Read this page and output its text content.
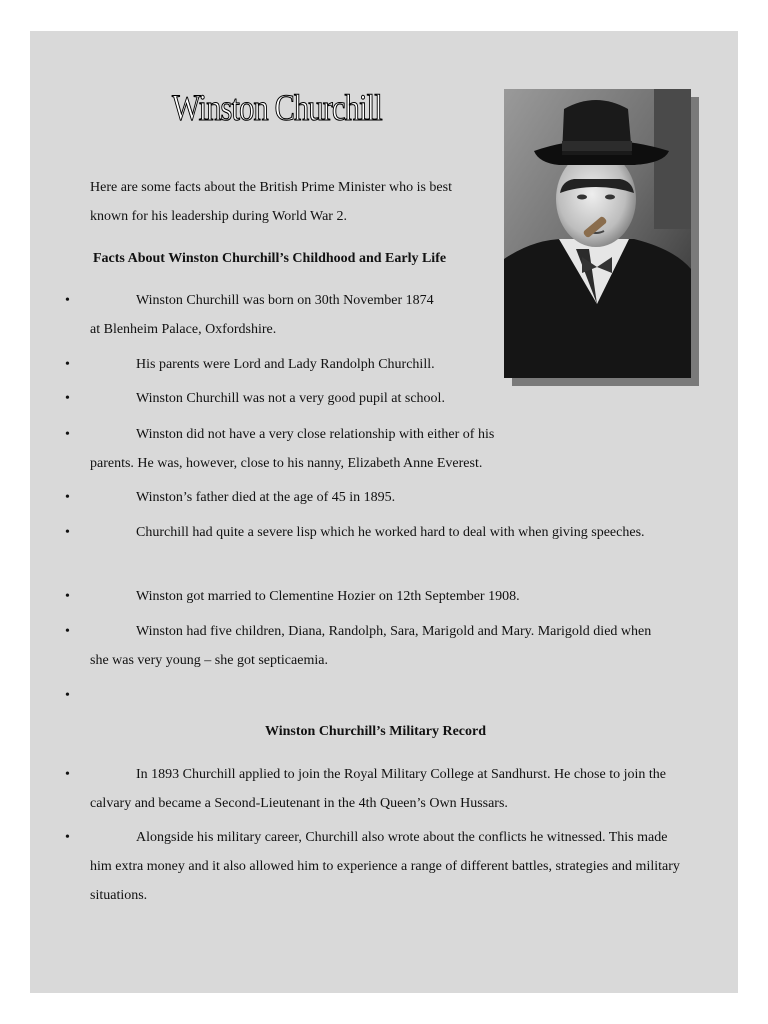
Winston Churchill

Here are some facts about the British Prime Minister who is best known for his leadership during World War 2.

Facts About Winston Churchill’s Childhood and Early Life

•	Winston Churchill was born on 30th November 1874 at Blenheim Palace, Oxfordshire.

•	His parents were Lord and Lady Randolph Churchill.

•	Winston Churchill was not a very good pupil at school.

•	Winston did not have a very close relationship with either of his parents. He was, however, close to his nanny, Elizabeth Anne Everest.

•	Winston’s father died at the age of 45 in 1895.

•	Churchill had quite a severe lisp which he worked hard to deal with when giving speeches.

•	Winston got married to Clementine Hozier on 12th September 1908.

•	Winston had five children, Diana, Randolph, Sara, Marigold and Mary. Marigold died when she was very young – she got septicaemia.

•

Winston Churchill’s Military Record

•	In 1893 Churchill applied to join the Royal Military College at Sandhurst. He chose to join the calvary and became a Second-Lieutenant in the 4th Queen’s Own Hussars.

•	Alongside his military career, Churchill also wrote about the conflicts he witnessed. This made him extra money and it also allowed him to experience a range of different battles, strategies and military situations.
